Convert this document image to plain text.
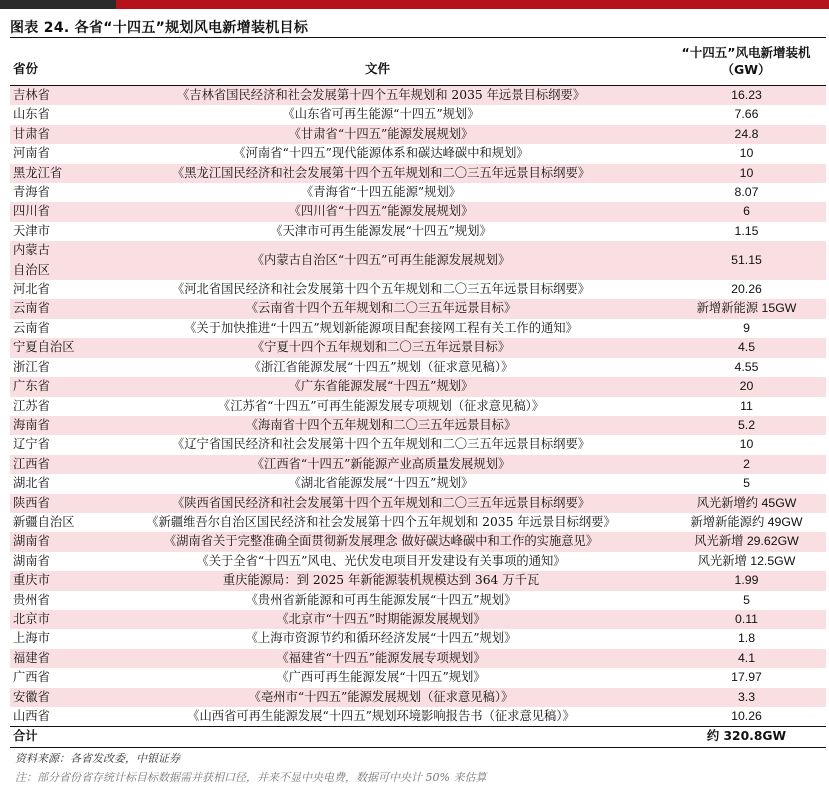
图表 24. 各省“十四五”规划风电新增装机目标
省份	文件
“十四五”风电新增装机
（GW）
吉林省	《吉林省国民经济和社会发展第十四个五年规划和 2035 年远景目标纲要》	16.23
山东省	《山东省可再生能源“十四五”规划》	7.66
甘肃省	《甘肃省“十四五”能源发展规划》	24.8
河南省	《河南省“十四五”现代能源体系和碳达峰碳中和规划》	10
黑龙江省	《黑龙江国民经济和社会发展第十四个五年规划和二〇三五年远景目标纲要》	10
青海省	《青海省“十四五能源”规划》	8.07
四川省	《四川省“十四五”能源发展规划》	6
天津市	《天津市可再生能源发展“十四五”规划》	1.15
内蒙古
自治区	《内蒙古自治区“十四五”可再生能源发展规划》	51.15
河北省	《河北省国民经济和社会发展第十四个五年规划和二〇三五年远景目标纲要》	20.26
云南省	《云南省十四个五年规划和二〇三五年远景目标》	新增新能源 15GW
云南省	《关于加快推进“十四五”规划新能源项目配套接网工程有关工作的通知》	9
宁夏自治区	《宁夏十四个五年规划和二〇三五年远景目标》	4.5
浙江省	《浙江省能源发展“十四五”规划（征求意见稿）》	4.55
广东省	《广东省能源发展“十四五”规划》	20
江苏省	《江苏省“十四五”可再生能源发展专项规划（征求意见稿）》	11
海南省	《海南省十四个五年规划和二〇三五年远景目标》	5.2
辽宁省	《辽宁省国民经济和社会发展第十四个五年规划和二〇三五年远景目标纲要》	10
江西省	《江西省“十四五”新能源产业高质量发展规划》	2
湖北省	《湖北省能源发展“十四五”规划》	5
陕西省	《陕西省国民经济和社会发展第十四个五年规划和二〇三五年远景目标纲要》	风光新增约 45GW
新疆自治区	《新疆维吾尔自治区国民经济和社会发展第十四个五年规划和 2035 年远景目标纲要》	新增新能源约 49GW
湖南省	《湖南省关于完整准确全面贯彻新发展理念 做好碳达峰碳中和工作的实施意见》	风光新增 29.62GW
湖南省	《关于全省“十四五”风电、光伏发电项目开发建设有关事项的通知》	风光新增 12.5GW
重庆市	重庆能源局：到 2025 年新能源装机规模达到 364 万千瓦	1.99
贵州省	《贵州省新能源和可再生能源发展“十四五”规划》	5
北京市	《北京市“十四五”时期能源发展规划》	0.11
上海市	《上海市资源节约和循环经济发展“十四五”规划》	1.8
福建省	《福建省“十四五”能源发展专项规划》	4.1
广西省	《广西可再生能源发展“十四五”规划》	17.97
安徽省	《亳州市“十四五”能源发展规划（征求意见稿）》	3.3
山西省	《山西省可再生能源发展“十四五”规划环境影响报告书（征求意见稿）》	10.26
合计		约 320.8GW
资料来源：各省发改委，中银证券
注：部分省份省存统计标目标数据需并获相口径，并来不显中央电费，数据可中央计 50% 来估算
